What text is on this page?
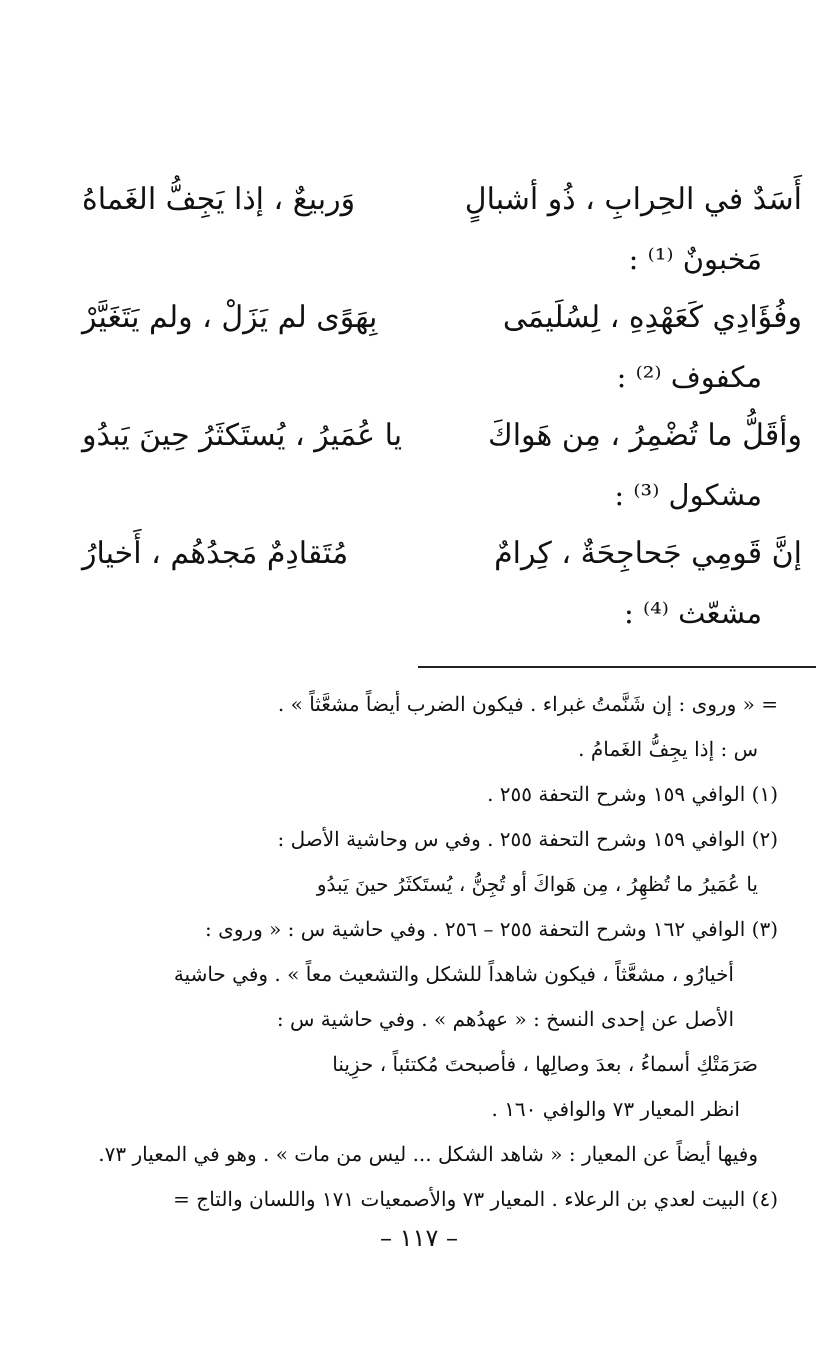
أَسَدٌ في الحِرابِ ، ذُو أشبالٍ
وَربيعٌ ، إذا يَجِفُّ الغَماهُ
مَخبونٌ ⁽¹⁾ :
وفُؤَادِي كَعَهْدِهِ ، لِسُلَيمَى
بِهَوًى لم يَزَلْ ، ولم يَتَغَيَّرْ
مكفوف ⁽²⁾ :
وأقَلُّ ما تُضْمِرُ ، مِن هَواكَ
يا عُمَيرُ ، يُستَكثَرُ حِينَ يَبدُو
مشكول ⁽³⁾ :
إنَّ قَومِي جَحاجِحَةٌ ، كِرامٌ
مُتَقادِمٌ مَجدُهُم ، أَخيارُ
مشعّث ⁽⁴⁾ :
= « وروى : إن شَنَّمتُ غبراء . فيكون الضرب أيضاً مشعَّثاً » .
س : إذا يجِفُّ الغَمامُ .
(١) الوافي ١٥٩ وشرح التحفة ٢٥٥ .
(٢) الوافي ١٥٩ وشرح التحفة ٢٥٥ . وفي س وحاشية الأصل :
يا عُمَيرُ ما تُظهِرُ ، مِن هَواكَ أو تُجِنُّ ، يُستَكثَرُ حينَ يَبدُو
(٣) الوافي ١٦٢ وشرح التحفة ٢٥٥ – ٢٥٦ . وفي حاشية س : « وروى :
أخيارُو ، مشعَّثاً ، فيكون شاهداً للشكل والتشعيث معاً » . وفي حاشية
الأصل عن إحدى النسخ : « عهدُهم » . وفي حاشية س :
صَرَمَتْكِ أسماءُ ، بعدَ وصالِها ، فأصبحتَ مُكتئباً ، حزِينا
انظر المعيار ٧٣ والوافي ١٦٠ .
وفيها أيضاً عن المعيار : « شاهد الشكل ... ليس من مات » . وهو في المعيار ٧٣.
(٤) البيت لعدي بن الرعلاء . المعيار ٧٣ والأصمعيات ١٧١ واللسان والتاج =
– ١١٧ –
